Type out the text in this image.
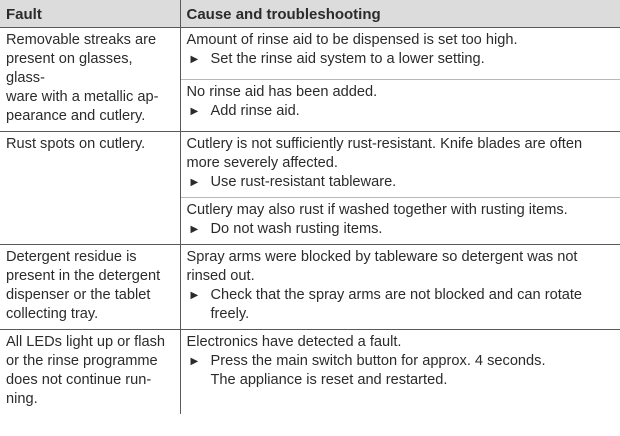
Fault	Cause and troubleshooting

Removable streaks are
present on glasses, glass-
ware with a metallic ap-
pearance and cutlery.	Amount of rinse aid to be dispensed is set too high.
▶ Set the rinse aid system to a lower setting.

	No rinse aid has been added.
▶ Add rinse aid.

Rust spots on cutlery.	Cutlery is not sufficiently rust-resistant. Knife blades are often
more severely affected.
▶ Use rust-resistant tableware.

	Cutlery may also rust if washed together with rusting items.
▶ Do not wash rusting items.

Detergent residue is
present in the detergent
dispenser or the tablet
collecting tray.	Spray arms were blocked by tableware so detergent was not
rinsed out.
▶ Check that the spray arms are not blocked and can rotate
freely.

All LEDs light up or flash
or the rinse programme
does not continue run-
ning.	Electronics have detected a fault.
▶ Press the main switch button for approx. 4 seconds.
The appliance is reset and restarted.
